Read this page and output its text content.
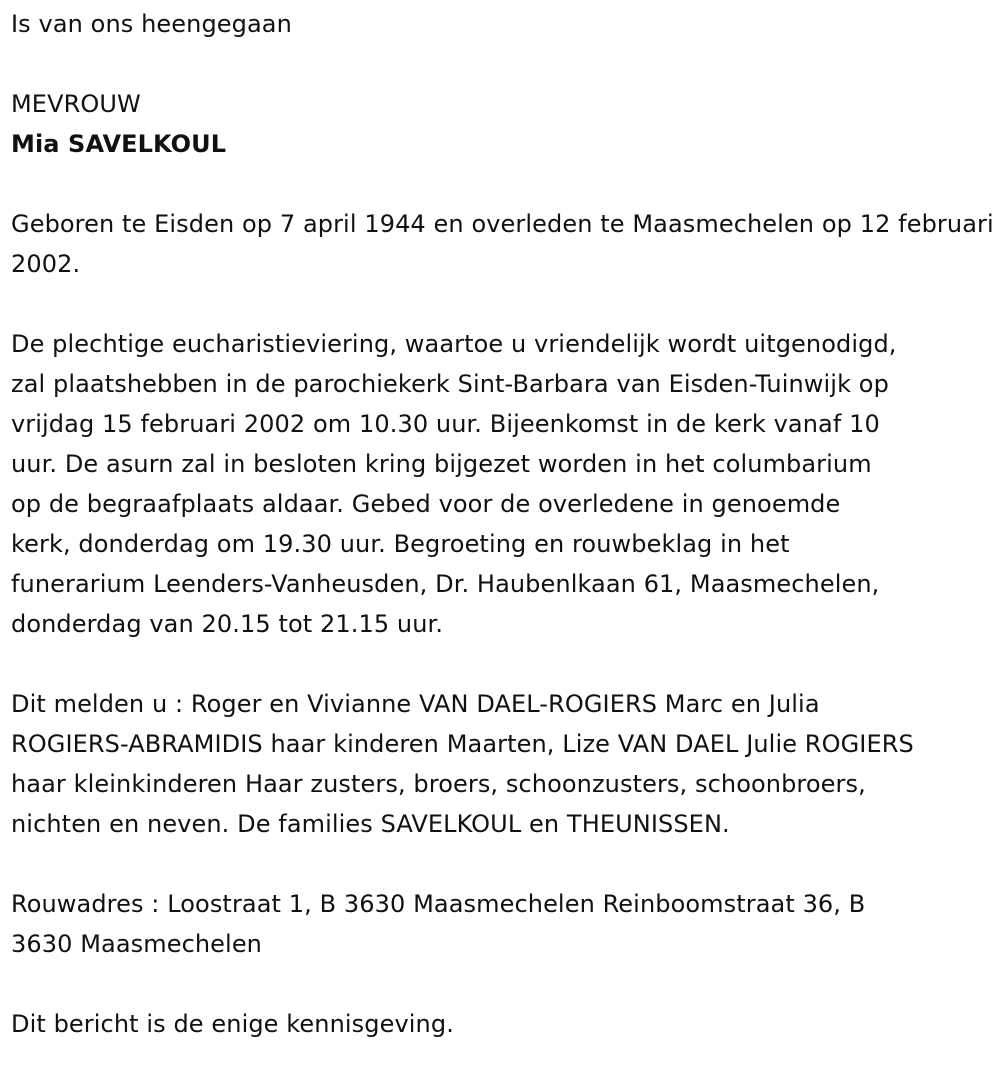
Is van ons heengegaan

MEVROUW

Mia SAVELKOUL

Geboren te Eisden op 7 april 1944 en overleden te Maasmechelen op 12 februari 2002.

De plechtige eucharistieviering, waartoe u vriendelijk wordt uitgenodigd,

zal plaatshebben in de parochiekerk Sint-Barbara van Eisden-Tuinwijk op

vrijdag 15 februari 2002 om 10.30 uur. Bijeenkomst in de kerk vanaf 10

uur. De asurn zal in besloten kring bijgezet worden in het columbarium

op de begraafplaats aldaar. Gebed voor de overledene in genoemde

kerk, donderdag om 19.30 uur. Begroeting en rouwbeklag in het

funerarium Leenders-Vanheusden, Dr. Haubenlkaan 61, Maasmechelen,

donderdag van 20.15 tot 21.15 uur.

Dit melden u : Roger en Vivianne VAN DAEL-ROGIERS Marc en Julia

ROGIERS-ABRAMIDIS haar kinderen Maarten, Lize VAN DAEL Julie ROGIERS

haar kleinkinderen Haar zusters, broers, schoonzusters, schoonbroers,

nichten en neven. De families SAVELKOUL en THEUNISSEN.

Rouwadres : Loostraat 1, B 3630 Maasmechelen Reinboomstraat 36, B

3630 Maasmechelen

Dit bericht is de enige kennisgeving.
